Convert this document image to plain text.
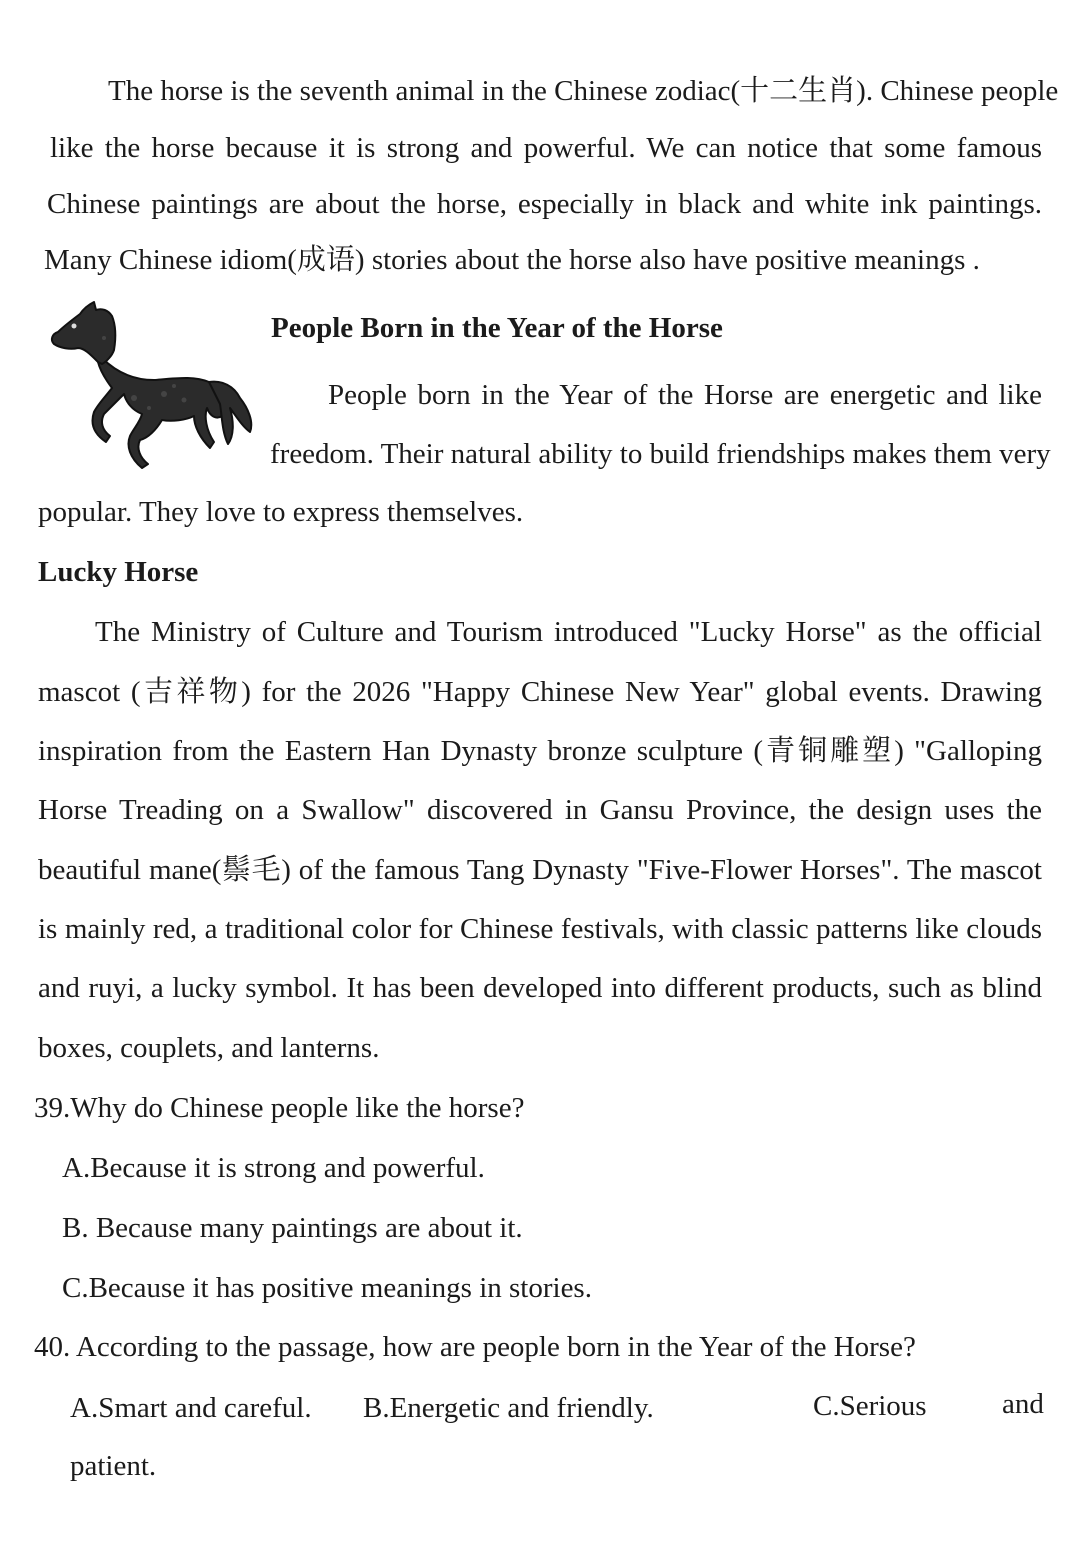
The horse is the seventh animal in the Chinese zodiac(十二生肖). Chinese people
like the horse because it is strong and powerful. We can notice that some famous
Chinese paintings are about the horse, especially in black and white ink paintings.
Many Chinese idiom(成语) stories about the horse also have positive meanings .
People Born in the Year of the Horse
People born in the Year of the Horse are energetic and like
freedom. Their natural ability to build friendships makes them very
popular. They love to express themselves.
Lucky Horse
The Ministry of Culture and Tourism introduced "Lucky Horse" as the official
mascot (吉祥物) for the 2026 "Happy Chinese New Year" global events. Drawing
inspiration from the Eastern Han Dynasty bronze sculpture (青铜雕塑) "Galloping
Horse Treading on a Swallow" discovered in Gansu Province, the design uses the
beautiful mane(鬃毛) of the famous Tang Dynasty "Five-Flower Horses". The mascot
is mainly red, a traditional color for Chinese festivals, with classic patterns like clouds
and ruyi, a lucky symbol. It has been developed into different products, such as blind
boxes, couplets, and lanterns.
39.Why do Chinese people like the horse?
A.Because it is strong and powerful.
B. Because many paintings are about it.
C.Because it has positive meanings in stories.
40. According to the passage, how are people born in the Year of the Horse?
A.Smart and careful. B.Energetic and friendly.	C.Serious	and
patient.
